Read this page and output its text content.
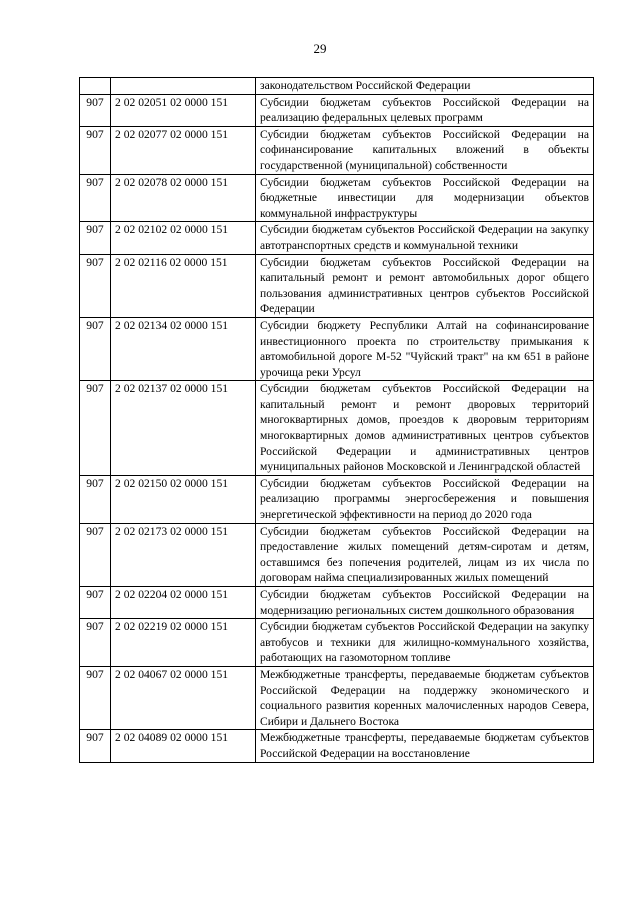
29
		законодательством Российской Федерации
907	2 02 02051 02 0000 151	Субсидии бюджетам субъектов Российской Федерации на реализацию федеральных целевых программ
907	2 02 02077 02 0000 151	Субсидии бюджетам субъектов Российской Федерации на софинансирование капитальных вложений в объекты государственной (муниципальной) собственности
907	2 02 02078 02 0000 151	Субсидии бюджетам субъектов Российской Федерации на бюджетные инвестиции для модернизации объектов коммунальной инфраструктуры
907	2 02 02102 02 0000 151	Субсидии бюджетам субъектов Российской Федерации на закупку автотранспортных средств и коммунальной техники
907	2 02 02116 02 0000 151	Субсидии бюджетам субъектов Российской Федерации на капитальный ремонт и ремонт автомобильных дорог общего пользования административных центров субъектов Российской Федерации
907	2 02 02134 02 0000 151	Субсидии бюджету Республики Алтай на софинансирование инвестиционного проекта по строительству примыкания к автомобильной дороге М-52 "Чуйский тракт" на км 651 в районе урочища реки Урсул
907	2 02 02137 02 0000 151	Субсидии бюджетам субъектов Российской Федерации на капитальный ремонт и ремонт дворовых территорий многоквартирных домов, проездов к дворовым территориям многоквартирных домов административных центров субъектов Российской Федерации и административных центров муниципальных районов Московской и Ленинградской областей
907	2 02 02150 02 0000 151	Субсидии бюджетам субъектов Российской Федерации на реализацию программы энергосбережения и повышения энергетической эффективности на период до 2020 года
907	2 02 02173 02 0000 151	Субсидии бюджетам субъектов Российской Федерации на предоставление жилых помещений детям-сиротам и детям, оставшимся без попечения родителей, лицам из их числа по договорам найма специализированных жилых помещений
907	2 02 02204 02 0000 151	Субсидии бюджетам субъектов Российской Федерации на модернизацию региональных систем дошкольного образования
907	2 02 02219 02 0000 151	Субсидии бюджетам субъектов Российской Федерации на закупку автобусов и техники для жилищно-коммунального хозяйства, работающих на газомоторном топливе
907	2 02 04067 02 0000 151	Межбюджетные трансферты, передаваемые бюджетам субъектов Российской Федерации на поддержку экономического и социального развития коренных малочисленных народов Севера, Сибири и Дальнего Востока
907	2 02 04089 02 0000 151	Межбюджетные трансферты, передаваемые бюджетам субъектов Российской Федерации на восстановление
